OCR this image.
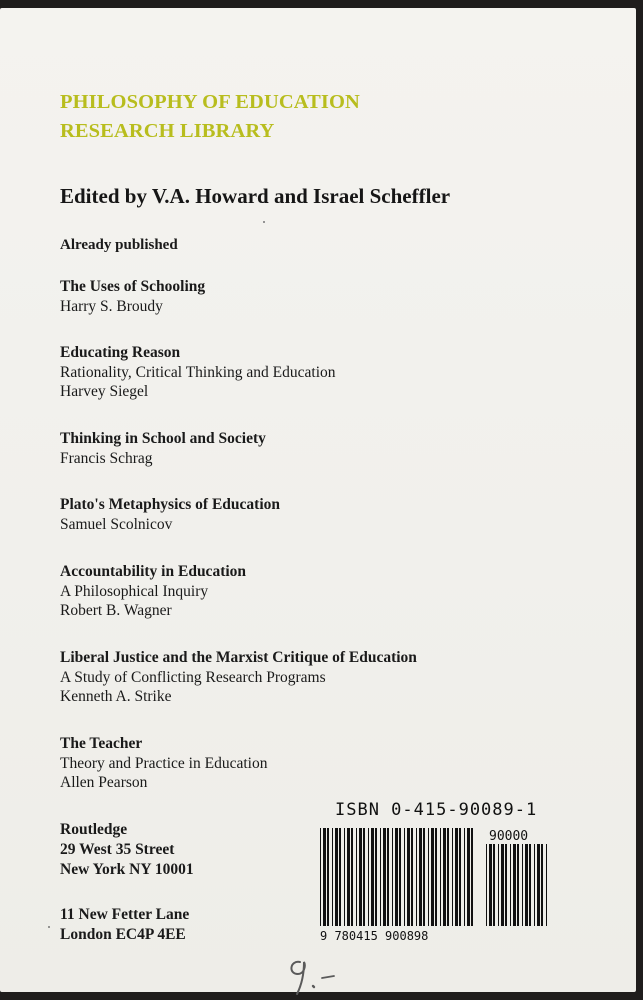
PHILOSOPHY OF EDUCATION
RESEARCH LIBRARY
Edited by V.A. Howard and Israel Scheffler
Already published
The Uses of Schooling
Harry S. Broudy
Educating Reason
Rationality, Critical Thinking and Education
Harvey Siegel
Thinking in School and Society
Francis Schrag
Plato's Metaphysics of Education
Samuel Scolnicov
Accountability in Education
A Philosophical Inquiry
Robert B. Wagner
Liberal Justice and the Marxist Critique of Education
A Study of Conflicting Research Programs
Kenneth A. Strike
The Teacher
Theory and Practice in Education
Allen Pearson
Routledge
29 West 35 Street
New York NY 10001
11 New Fetter Lane
London EC4P 4EE
ISBN 0-415-90089-1
90000
9 780415 900898
